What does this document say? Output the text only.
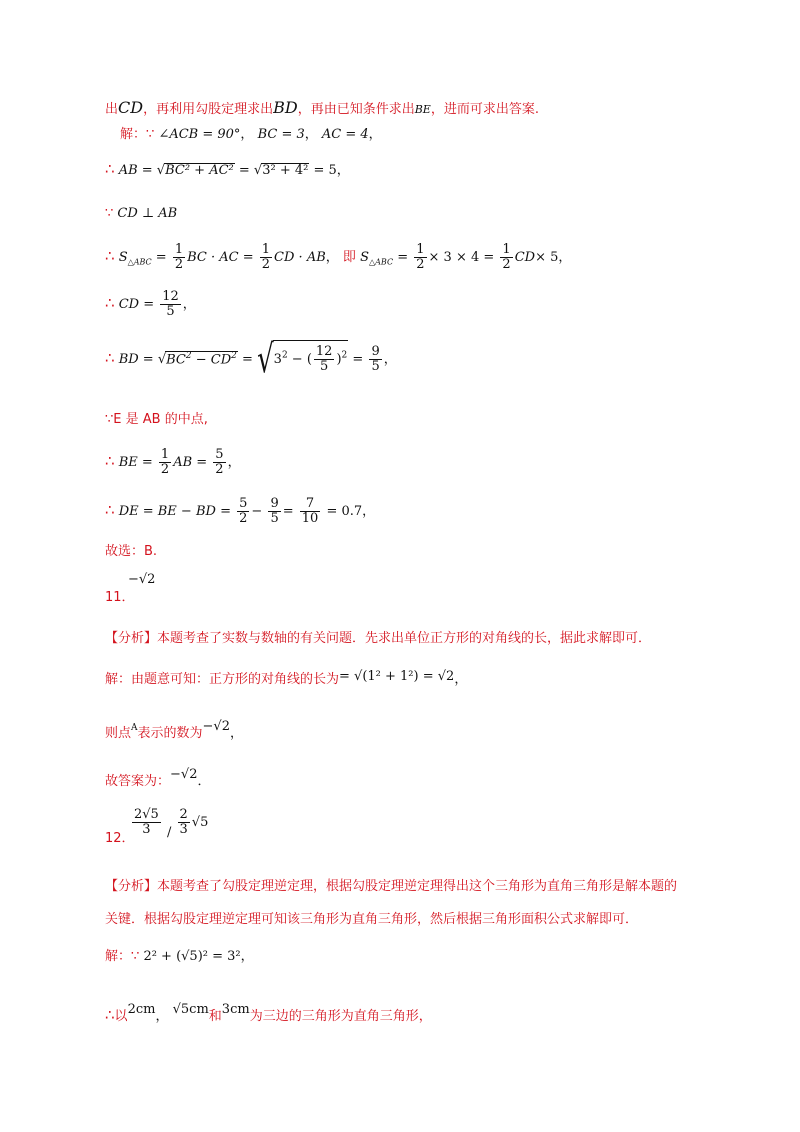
出CD，再利用勾股定理求出BD，再由已知条件求出BE，进而可求出答案.
解：∵ ∠ACB = 90°， BC = 3， AC = 4，
∴ AB = √BC² + AC² = √3² + 4² = 5，
∵ CD ⊥ AB
∴ $S_{\triangle ABC} = \frac{1}{2}$ BC · AC = $\frac{1}{2}$ CD · AB， 即 $S_{\triangle ABC} = \frac{1}{2} \times 3 \times 4 = \frac{1}{2} CD\times 5$，
∴ CD = $\frac{12}{5}$ ，
∴ BD = $√BC^2 - CD^2 = √3^2$ − ( $\frac{12}{5} )^2 = \frac{9}{5}$ ，
∵E 是 AB 的中点,
∴ BE = $\frac{1}{2}$ AB = $\frac{5}{2}$ ，
∴ DE = BE − BD = $\frac{5}{2} - \frac{9}{5} = \frac{7}{10} = 0.7$，
故选：B.
11．
−√2
【分析】本题考查了实数与数轴的有关问题．先求出单位正方形的对角线的长，据此求解即可．
解：由题意可知：正方形的对角线的长为= √(1² + 1²) = √2，
则点$^A$表示的数为−√2，
故答案为：−√2．
12．
$\frac{2√5}{3} / \frac{2}{3} √5$
【分析】本题考查了勾股定理逆定理，根据勾股定理逆定理得出这个三角形为直角三角形是解本题的
关键．根据勾股定理逆定理可知该三角形为直角三角形，然后根据三角形面积公式求解即可．
解：∵ 2² + (√5)² = 3²，
∴以2cm， √5cm和3cm为三边的三角形为直角三角形，
